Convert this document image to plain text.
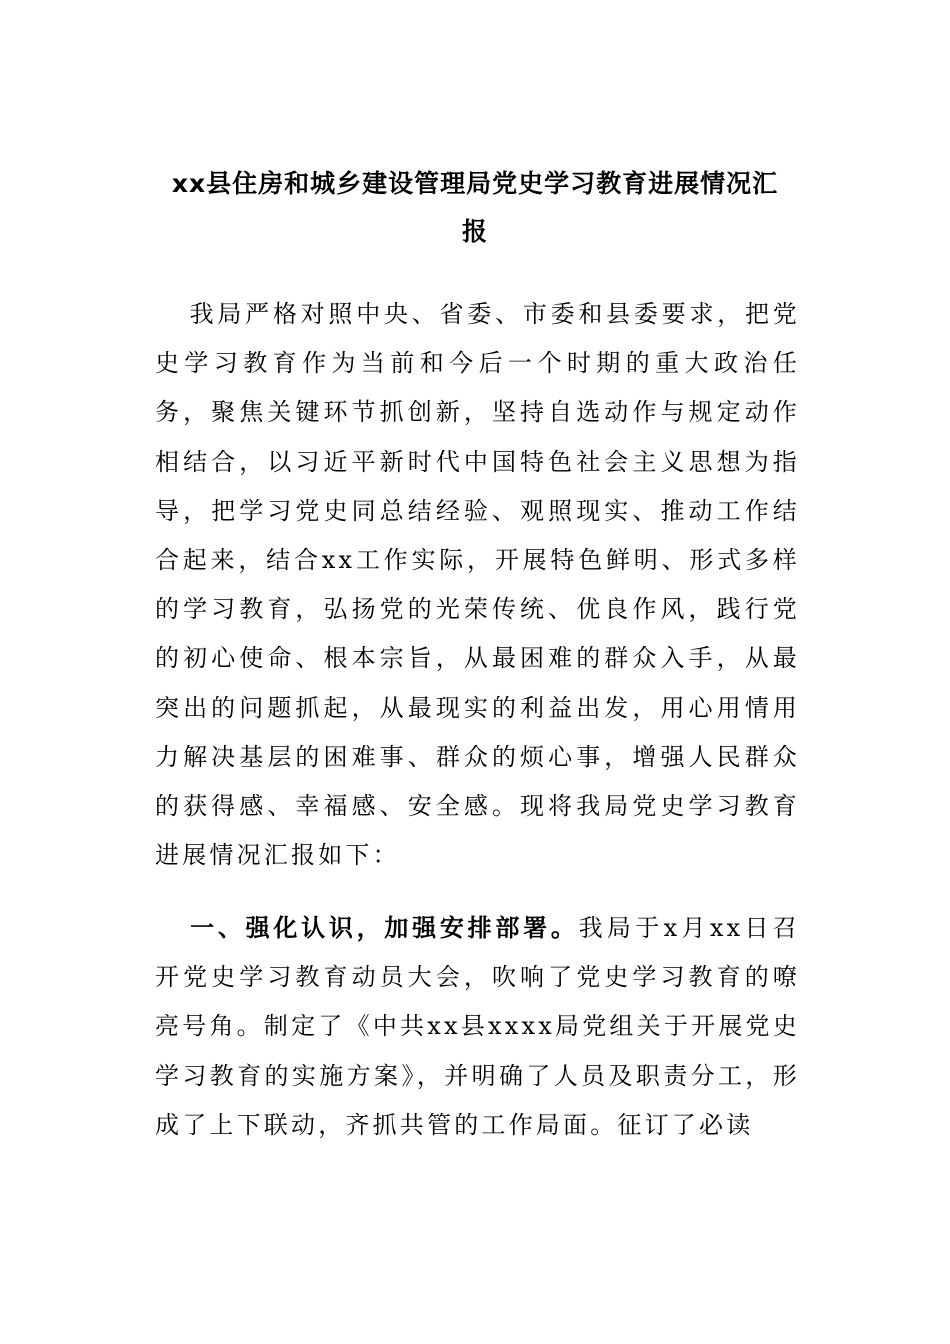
xx县住房和城乡建设管理局党史学习教育进展情况汇
报
我局严格对照中央、省委、市委和县委要求，把党史学习教育作为当前和今后一个时期的重大政治任务，聚焦关键环节抓创新，坚持自选动作与规定动作相结合，以习近平新时代中国特色社会主义思想为指导，把学习党史同总结经验、观照现实、推动工作结合起来，结合xx工作实际，开展特色鲜明、形式多样的学习教育，弘扬党的光荣传统、优良作风，践行党的初心使命、根本宗旨，从最困难的群众入手，从最突出的问题抓起，从最现实的利益出发，用心用情用力解决基层的困难事、群众的烦心事，增强人民群众的获得感、幸福感、安全感。现将我局党史学习教育进展情况汇报如下：
一、强化认识，加强安排部署。我局于x月xx日召开党史学习教育动员大会，吹响了党史学习教育的嘹亮号角。制定了《中共xx县xxxx局党组关于开展党史学习教育的实施方案》，并明确了人员及职责分工，形成了上下联动，齐抓共管的工作局面。征订了必读
